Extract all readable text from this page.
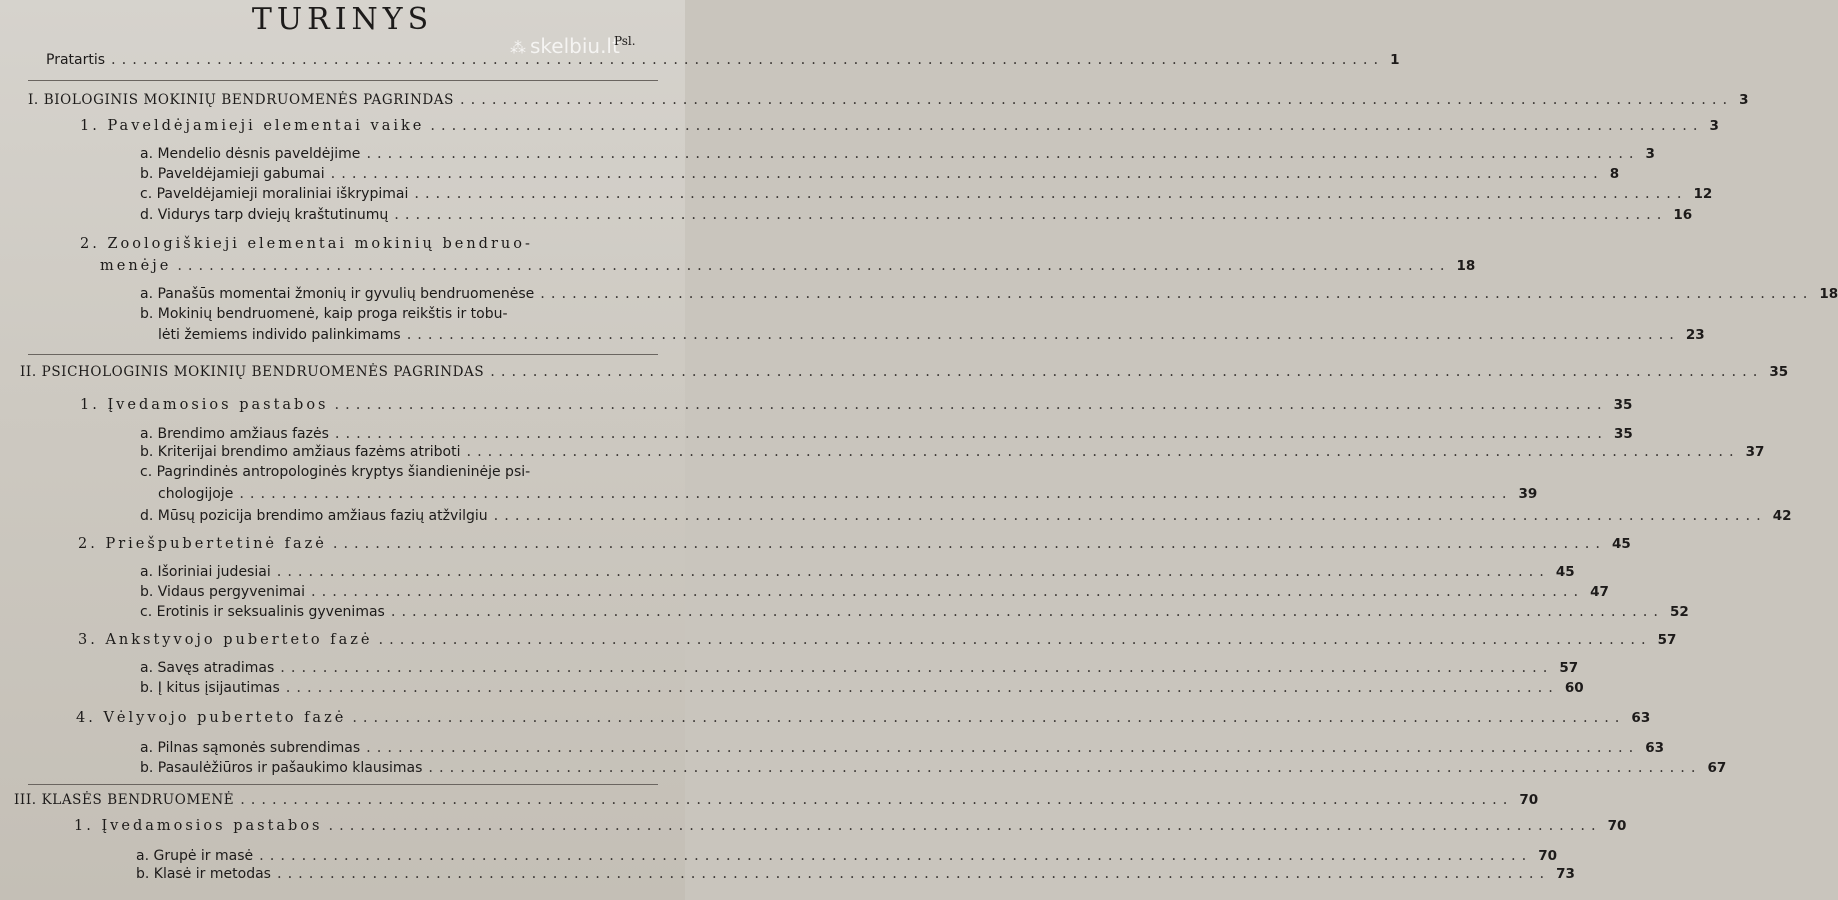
TURINYS
⁂ skelbiu.lt
Psl.
Pratartis ........................................................................................................................ 1
I. BIOLOGINIS MOKINIŲ BENDRUOMENĖS PAGRINDAS ........................................................................................................................ 3
1. Paveldėjamieji elementai vaike ........................................................................................................................ 3
a. Mendelio dėsnis paveldėjime ........................................................................................................................ 3
b. Paveldėjamieji gabumai ........................................................................................................................ 8
c. Paveldėjamieji moraliniai iškrypimai ........................................................................................................................ 12
d. Vidurys tarp dviejų kraštutinumų ........................................................................................................................ 16
2. Zoologiškieji elementai mokinių bendruo-
menėje ........................................................................................................................ 18
a. Panašūs momentai žmonių ir gyvulių bendruomenėse ........................................................................................................................ 18
b. Mokinių bendruomenė, kaip proga reikštis ir tobu-
lėti žemiems individo palinkimams ........................................................................................................................ 23
II. PSICHOLOGINIS MOKINIŲ BENDRUOMENĖS PAGRINDAS ........................................................................................................................ 35
1. Įvedamosios pastabos ........................................................................................................................ 35
a. Brendimo amžiaus fazės ........................................................................................................................ 35
b. Kriterijai brendimo amžiaus fazėms atriboti ........................................................................................................................ 37
c. Pagrindinės antropologinės kryptys šiandieninėje psi-
chologijoje ........................................................................................................................ 39
d. Mūsų pozicija brendimo amžiaus fazių atžvilgiu ........................................................................................................................ 42
2. Priešpubertetinė fazė ........................................................................................................................ 45
a. Išoriniai judesiai ........................................................................................................................ 45
b. Vidaus pergyvenimai ........................................................................................................................ 47
c. Erotinis ir seksualinis gyvenimas ........................................................................................................................ 52
3. Ankstyvojo puberteto fazė ........................................................................................................................ 57
a. Savęs atradimas ........................................................................................................................ 57
b. Į kitus įsijautimas ........................................................................................................................ 60
4. Vėlyvojo puberteto fazė ........................................................................................................................ 63
a. Pilnas sąmonės subrendimas ........................................................................................................................ 63
b. Pasaulėžiūros ir pašaukimo klausimas ........................................................................................................................ 67
III. KLASĖS BENDRUOMENĖ ........................................................................................................................ 70
1. Įvedamosios pastabos ........................................................................................................................ 70
a. Grupė ir masė ........................................................................................................................ 70
b. Klasė ir metodas ........................................................................................................................ 73
